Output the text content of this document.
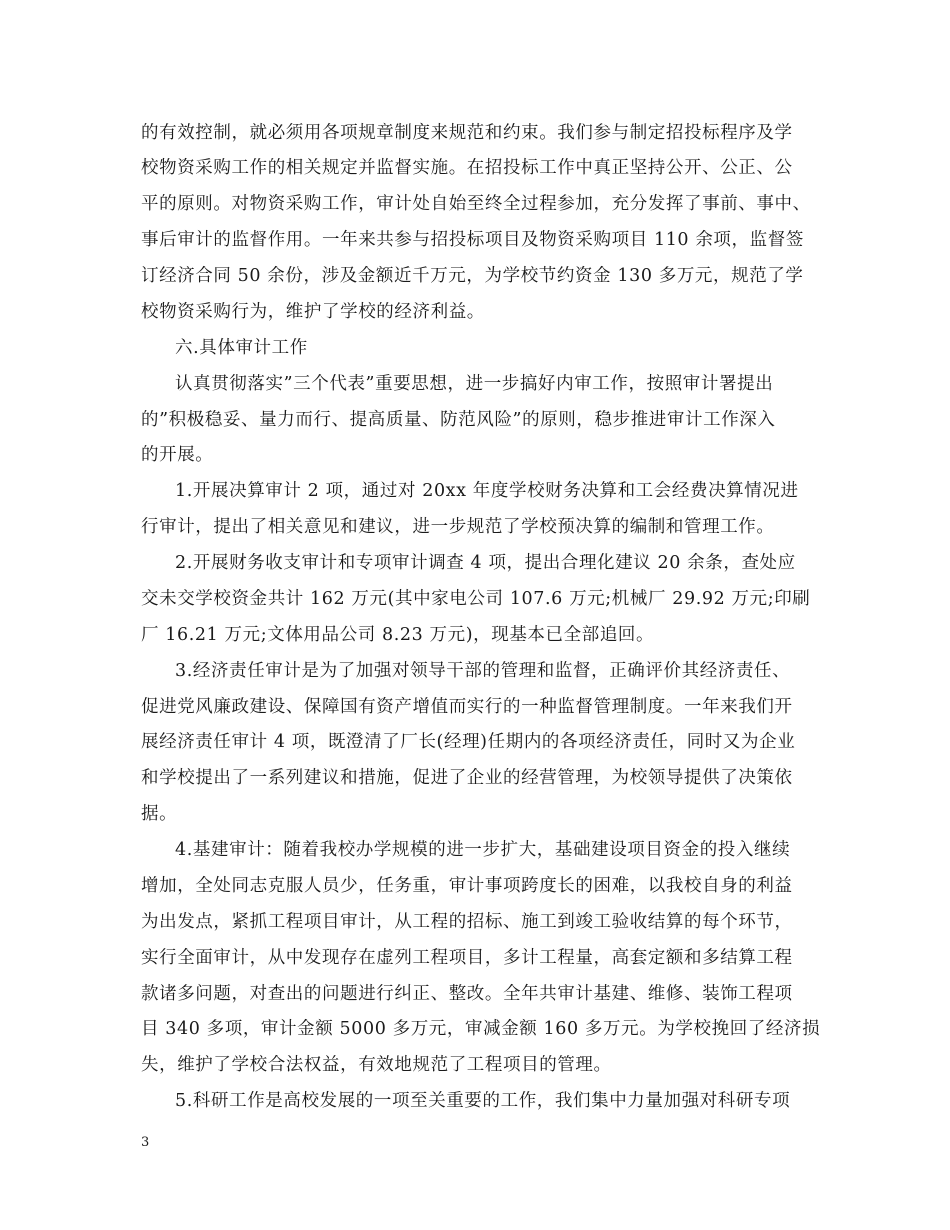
的有效控制，就必须用各项规章制度来规范和约束。我们参与制定招投标程序及学
校物资采购工作的相关规定并监督实施。在招投标工作中真正坚持公开、公正、公
平的原则。对物资采购工作，审计处自始至终全过程参加，充分发挥了事前、事中、
事后审计的监督作用。一年来共参与招投标项目及物资采购项目 110 余项，监督签
订经济合同 50 余份，涉及金额近千万元，为学校节约资金 130 多万元，规范了学
校物资采购行为，维护了学校的经济利益。
六.具体审计工作
认真贯彻落实”三个代表”重要思想，进一步搞好内审工作，按照审计署提出
的”积极稳妥、量力而行、提高质量、防范风险”的原则，稳步推进审计工作深入
的开展。
1.开展决算审计 2 项，通过对 20xx 年度学校财务决算和工会经费决算情况进
行审计，提出了相关意见和建议，进一步规范了学校预决算的编制和管理工作。
2.开展财务收支审计和专项审计调查 4 项，提出合理化建议 20 余条，查处应
交未交学校资金共计 162 万元(其中家电公司 107.6 万元;机械厂 29.92 万元;印刷
厂 16.21 万元;文体用品公司 8.23 万元)，现基本已全部追回。
3.经济责任审计是为了加强对领导干部的管理和监督，正确评价其经济责任、
促进党风廉政建设、保障国有资产增值而实行的一种监督管理制度。一年来我们开
展经济责任审计 4 项，既澄清了厂长(经理)任期内的各项经济责任，同时又为企业
和学校提出了一系列建议和措施，促进了企业的经营管理，为校领导提供了决策依
据。
4.基建审计：随着我校办学规模的进一步扩大，基础建设项目资金的投入继续
增加，全处同志克服人员少，任务重，审计事项跨度长的困难，以我校自身的利益
为出发点，紧抓工程项目审计，从工程的招标、施工到竣工验收结算的每个环节，
实行全面审计，从中发现存在虚列工程项目，多计工程量，高套定额和多结算工程
款诸多问题，对查出的问题进行纠正、整改。全年共审计基建、维修、装饰工程项
目 340 多项，审计金额 5000 多万元，审减金额 160 多万元。为学校挽回了经济损
失，维护了学校合法权益，有效地规范了工程项目的管理。
5.科研工作是高校发展的一项至关重要的工作，我们集中力量加强对科研专项
3
